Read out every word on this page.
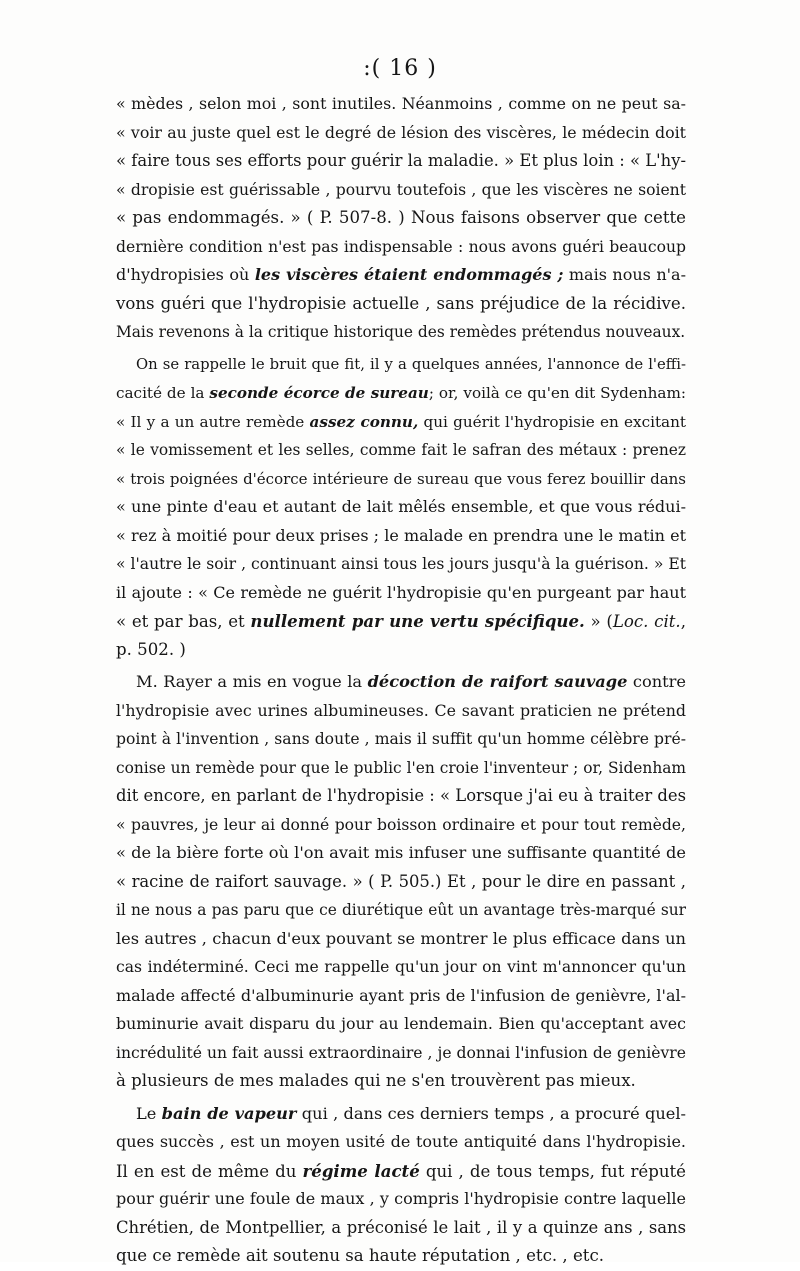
:( 16 )
« mèdes , selon moi , sont inutiles. Néanmoins , comme on ne peut sa-
« voir au juste quel est le degré de lésion des viscères, le médecin doit
« faire tous ses efforts pour guérir la maladie. » Et plus loin : « L'hy-
« dropisie est guérissable , pourvu toutefois , que les viscères ne soient
« pas endommagés. » ( P. 507-8. ) Nous faisons observer que cette
dernière condition n'est pas indispensable : nous avons guéri beaucoup
d'hydropisies où les viscères étaient endommagés ; mais nous n'a-
vons guéri que l'hydropisie actuelle , sans préjudice de la récidive.
Mais revenons à la critique historique des remèdes prétendus nouveaux.
On se rappelle le bruit que fit, il y a quelques années, l'annonce de l'effi-
cacité de la seconde écorce de sureau; or, voilà ce qu'en dit Sydenham:
« Il y a un autre remède assez connu, qui guérit l'hydropisie en excitant
« le vomissement et les selles, comme fait le safran des métaux : prenez
« trois poignées d'écorce intérieure de sureau que vous ferez bouillir dans
« une pinte d'eau et autant de lait mêlés ensemble, et que vous rédui-
« rez à moitié pour deux prises ; le malade en prendra une le matin et
« l'autre le soir , continuant ainsi tous les jours jusqu'à la guérison. » Et
il ajoute : « Ce remède ne guérit l'hydropisie qu'en purgeant par haut
« et par bas, et nullement par une vertu spécifique. » (Loc. cit.,
p. 502. )
M. Rayer a mis en vogue la décoction de raifort sauvage contre
l'hydropisie avec urines albumineuses. Ce savant praticien ne prétend
point à l'invention , sans doute , mais il suffit qu'un homme célèbre pré-
conise un remède pour que le public l'en croie l'inventeur ; or, Sidenham
dit encore, en parlant de l'hydropisie : « Lorsque j'ai eu à traiter des
« pauvres, je leur ai donné pour boisson ordinaire et pour tout remède,
« de la bière forte où l'on avait mis infuser une suffisante quantité de
« racine de raifort sauvage. » ( P. 505.) Et , pour le dire en passant ,
il ne nous a pas paru que ce diurétique eût un avantage très-marqué sur
les autres , chacun d'eux pouvant se montrer le plus efficace dans un
cas indéterminé. Ceci me rappelle qu'un jour on vint m'annoncer qu'un
malade affecté d'albuminurie ayant pris de l'infusion de genièvre, l'al-
buminurie avait disparu du jour au lendemain. Bien qu'acceptant avec
incrédulité un fait aussi extraordinaire , je donnai l'infusion de genièvre
à plusieurs de mes malades qui ne s'en trouvèrent pas mieux.
Le bain de vapeur qui , dans ces derniers temps , a procuré quel-
ques succès , est un moyen usité de toute antiquité dans l'hydropisie.
Il en est de même du régime lacté qui , de tous temps, fut réputé
pour guérir une foule de maux , y compris l'hydropisie contre laquelle
Chrétien, de Montpellier, a préconisé le lait , il y a quinze ans , sans
que ce remède ait soutenu sa haute réputation , etc. , etc.
